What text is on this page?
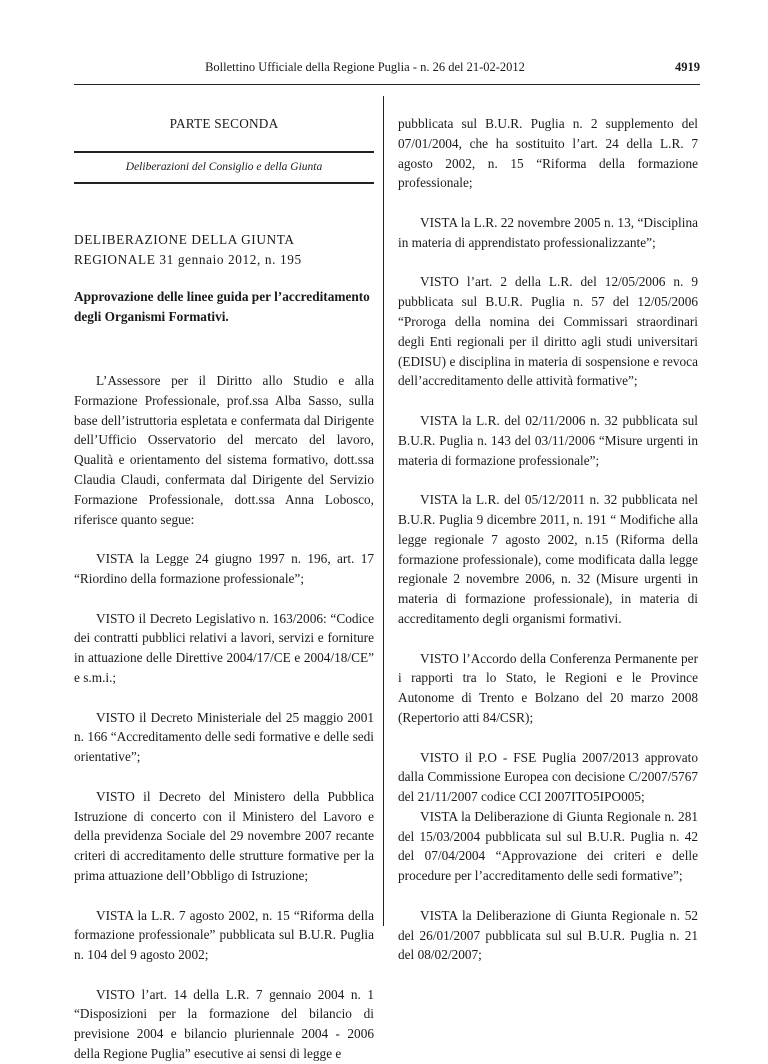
Bollettino Ufficiale della Regione Puglia - n. 26 del 21-02-2012	4919
PARTE SECONDA
Deliberazioni del Consiglio e della Giunta
DELIBERAZIONE DELLA GIUNTA REGIONALE 31 gennaio 2012, n. 195
Approvazione delle linee guida per l’accreditamento degli Organismi Formativi.

L’Assessore per il Diritto allo Studio e alla Formazione Professionale, prof.ssa Alba Sasso, sulla base dell’istruttoria espletata e confermata dal Dirigente dell’Ufficio Osservatorio del mercato del lavoro, Qualità e orientamento del sistema formativo, dott.ssa Claudia Claudi, confermata dal Dirigente del Servizio Formazione Professionale, dott.ssa Anna Lobosco, riferisce quanto segue:

VISTA la Legge 24 giugno 1997 n. 196, art. 17 “Riordino della formazione professionale”;

VISTO il Decreto Legislativo n. 163/2006: “Codice dei contratti pubblici relativi a lavori, servizi e forniture in attuazione delle Direttive 2004/17/CE e 2004/18/CE” e s.m.i.;

VISTO il Decreto Ministeriale del 25 maggio 2001 n. 166 “Accreditamento delle sedi formative e delle sedi orientative”;

VISTO il Decreto del Ministero della Pubblica Istruzione di concerto con il Ministero del Lavoro e della previdenza Sociale del 29 novembre 2007 recante criteri di accreditamento delle strutture formative per la prima attuazione dell’Obbligo di Istruzione;

VISTA la L.R. 7 agosto 2002, n. 15 “Riforma della formazione professionale” pubblicata sul B.U.R. Puglia n. 104 del 9 agosto 2002;

VISTO l’art. 14 della L.R. 7 gennaio 2004 n. 1 “Disposizioni per la formazione del bilancio di previsione 2004 e bilancio pluriennale 2004 - 2006 della Regione Puglia” esecutive ai sensi di legge e

pubblicata sul B.U.R. Puglia n. 2 supplemento del 07/01/2004, che ha sostituito l’art. 24 della L.R. 7 agosto 2002, n. 15 “Riforma della formazione professionale;

VISTA la L.R. 22 novembre 2005 n. 13, “Disciplina in materia di apprendistato professionalizzante”;

VISTO l’art. 2 della L.R. del 12/05/2006 n. 9 pubblicata sul B.U.R. Puglia n. 57 del 12/05/2006 “Proroga della nomina dei Commissari straordinari degli Enti regionali per il diritto agli studi universitari (EDISU) e disciplina in materia di sospensione e revoca dell’accreditamento delle attività formative”;

VISTA la L.R. del 02/11/2006 n. 32 pubblicata sul B.U.R. Puglia n. 143 del 03/11/2006 “Misure urgenti in materia di formazione professionale”;

VISTA la L.R. del 05/12/2011 n. 32 pubblicata nel B.U.R. Puglia 9 dicembre 2011, n. 191 “ Modifiche alla legge regionale 7 agosto 2002, n.15 (Riforma della formazione professionale), come modificata dalla legge regionale 2 novembre 2006, n. 32 (Misure urgenti in materia di formazione professionale), in materia di accreditamento degli organismi formativi.

VISTO l’Accordo della Conferenza Permanente per i rapporti tra lo Stato, le Regioni e le Province Autonome di Trento e Bolzano del 20 marzo 2008 (Repertorio atti 84/CSR);

VISTO il P.O - FSE Puglia 2007/2013 approvato dalla Commissione Europea con decisione C/2007/5767 del 21/11/2007 codice CCI 2007ITO5IPO005;

VISTA la Deliberazione di Giunta Regionale n. 281 del 15/03/2004 pubblicata sul sul B.U.R. Puglia n. 42 del 07/04/2004 “Approvazione dei criteri e delle procedure per l’accreditamento delle sedi formative”;

VISTA la Deliberazione di Giunta Regionale n. 52 del 26/01/2007 pubblicata sul sul B.U.R. Puglia n. 21 del 08/02/2007;
